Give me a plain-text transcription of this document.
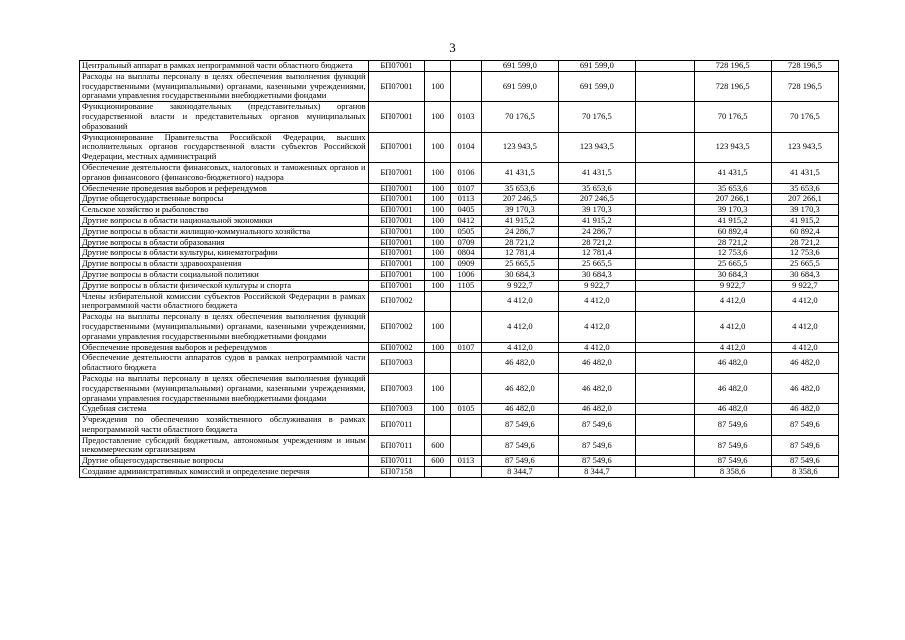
3
Центральный аппарат в рамках непрограммной части областного бюджета	БП07001			691 599,0	691 599,0		728 196,5	728 196,5
Расходы на выплаты персоналу в целях обеспечения выполнения функций государственными (муниципальными) органами, казенными учреждениями, органами управления государственными внебюджетными фондами	БП07001	100		691 599,0	691 599,0		728 196,5	728 196,5
Функционирование законодательных (представительных) органов государственной власти и представительных органов муниципальных образований	БП07001	100	0103	70 176,5	70 176,5		70 176,5	70 176,5
Функционирование Правительства Российской Федерации, высших исполнительных органов государственной власти субъектов Российской Федерации, местных администраций	БП07001	100	0104	123 943,5	123 943,5		123 943,5	123 943,5
Обеспечение деятельности финансовых, налоговых и таможенных органов и органов финансового (финансово-бюджетного) надзора	БП07001	100	0106	41 431,5	41 431,5		41 431,5	41 431,5
Обеспечение проведения выборов и референдумов	БП07001	100	0107	35 653,6	35 653,6		35 653,6	35 653,6
Другие общегосударственные вопросы	БП07001	100	0113	207 246,5	207 246,5		207 266,1	207 266,1
Сельское хозяйство и рыболовство	БП07001	100	0405	39 170,3	39 170,3		39 170,3	39 170,3
Другие вопросы в области национальной экономики	БП07001	100	0412	41 915,2	41 915,2		41 915,2	41 915,2
Другие вопросы в области жилищно-коммунального хозяйства	БП07001	100	0505	24 286,7	24 286,7		60 892,4	60 892,4
Другие вопросы в области образования	БП07001	100	0709	28 721,2	28 721,2		28 721,2	28 721,2
Другие вопросы в области культуры, кинематографии	БП07001	100	0804	12 781,4	12 781,4		12 753,6	12 753,6
Другие вопросы в области здравоохранения	БП07001	100	0909	25 665,5	25 665,5		25 665,5	25 665,5
Другие вопросы в области социальной политики	БП07001	100	1006	30 684,3	30 684,3		30 684,3	30 684,3
Другие вопросы в области физической культуры и спорта	БП07001	100	1105	9 922,7	9 922,7		9 922,7	9 922,7
Члены избирательной комиссии субъектов Российской Федерации в рамках непрограммной части областного бюджета	БП07002			4 412,0	4 412,0		4 412,0	4 412,0
Расходы на выплаты персоналу в целях обеспечения выполнения функций государственными (муниципальными) органами, казенными учреждениями, органами управления государственными внебюджетными фондами	БП07002	100		4 412,0	4 412,0		4 412,0	4 412,0
Обеспечение проведения выборов и референдумов	БП07002	100	0107	4 412,0	4 412,0		4 412,0	4 412,0
Обеспечение деятельности аппаратов судов в рамках непрограммной части областного бюджета	БП07003			46 482,0	46 482,0		46 482,0	46 482,0
Расходы на выплаты персоналу в целях обеспечения выполнения функций государственными (муниципальными) органами, казенными учреждениями, органами управления государственными внебюджетными фондами	БП07003	100		46 482,0	46 482,0		46 482,0	46 482,0
Судебная система	БП07003	100	0105	46 482,0	46 482,0		46 482,0	46 482,0
Учреждения по обеспечению хозяйственного обслуживания в рамках непрограммной части областного бюджета	БП07011			87 549,6	87 549,6		87 549,6	87 549,6
Предоставление субсидий бюджетным, автономным учреждениям и иным некоммерческим организациям	БП07011	600		87 549,6	87 549,6		87 549,6	87 549,6
Другие общегосударственные вопросы	БП07011	600	0113	87 549,6	87 549,6		87 549,6	87 549,6
Создание административных комиссий и определение перечня	БП07158			8 344,7	8 344,7		8 358,6	8 358,6
